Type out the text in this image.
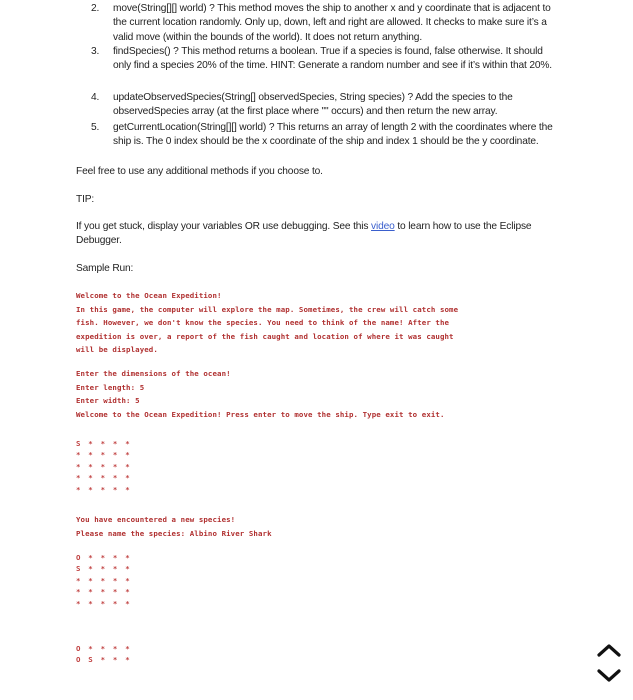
2. move(String[][] world) ? This method moves the ship to another x and y coordinate that is adjacent to the current location randomly. Only up, down, left and right are allowed. It checks to make sure it’s a valid move (within the bounds of the world). It does not return anything.
3. findSpecies() ? This method returns a boolean. True if a species is found, false otherwise. It should only find a species 20% of the time. HINT: Generate a random number and see if it’s within that 20%.
4. updateObservedSpecies(String[] observedSpecies, String species) ? Add the species to the observedSpecies array (at the first place where "" occurs) and then return the new array.
5. getCurrentLocation(String[][] world) ? This returns an array of length 2 with the coordinates where the ship is. The 0 index should be the x coordinate of the ship and index 1 should be the y coordinate.
Feel free to use any additional methods if you choose to.
TIP:
If you get stuck, display your variables OR use debugging. See this video to learn how to use the Eclipse Debugger.
Sample Run:
Welcome to the Ocean Expedition!
In this game, the computer will explore the map. Sometimes, the crew will catch some
fish. However, we don't know the species. You need to think of the name! After the
expedition is over, a report of the fish caught and location of where it was caught
will be displayed.
Enter the dimensions of the ocean!
Enter length: 5
Enter width: 5
Welcome to the Ocean Expedition! Press enter to move the ship. Type exit to exit.
S * * * *
* * * * *
* * * * *
* * * * *
* * * * *
You have encountered a new species!
Please name the species: Albino River Shark
O * * * *
S * * * *
* * * * *
* * * * *
* * * * *
O * * * *
O S * * *
